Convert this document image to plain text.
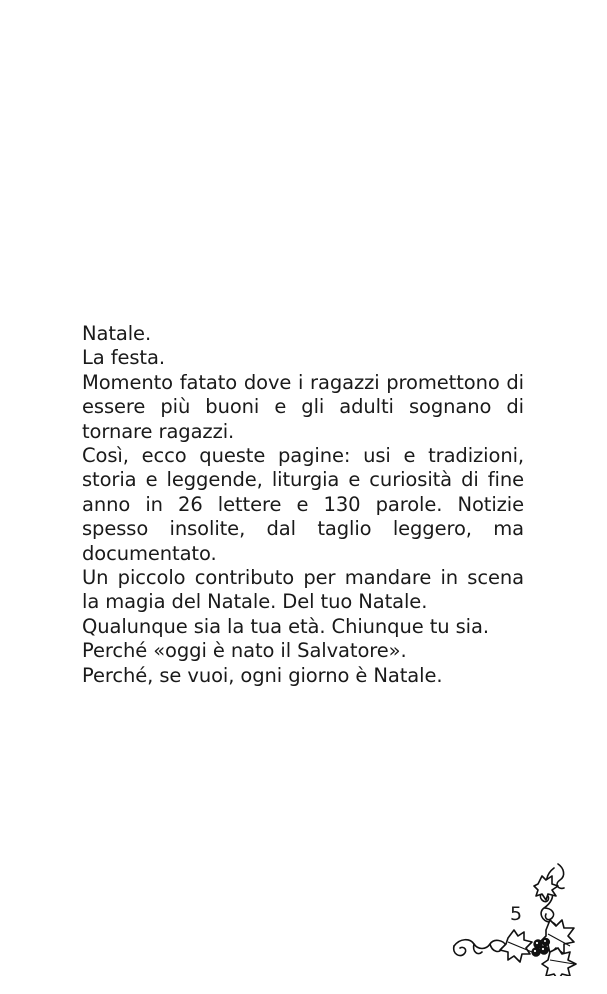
Natale.

La festa.

Momento fatato dove i ragazzi promettono di essere più buoni e gli adulti sognano di tornare ragazzi.

Così, ecco queste pagine: usi e tradizioni, storia e leggende, liturgia e curiosità di fine anno in 26 lettere e 130 parole. Notizie spesso insolite, dal taglio leggero, ma documentato.

Un piccolo contributo per mandare in scena la magia del Natale. Del tuo Natale.

Qualunque sia la tua età. Chiunque tu sia.

Perché «oggi è nato il Salvatore».

Perché, se vuoi, ogni giorno è Natale.

5
